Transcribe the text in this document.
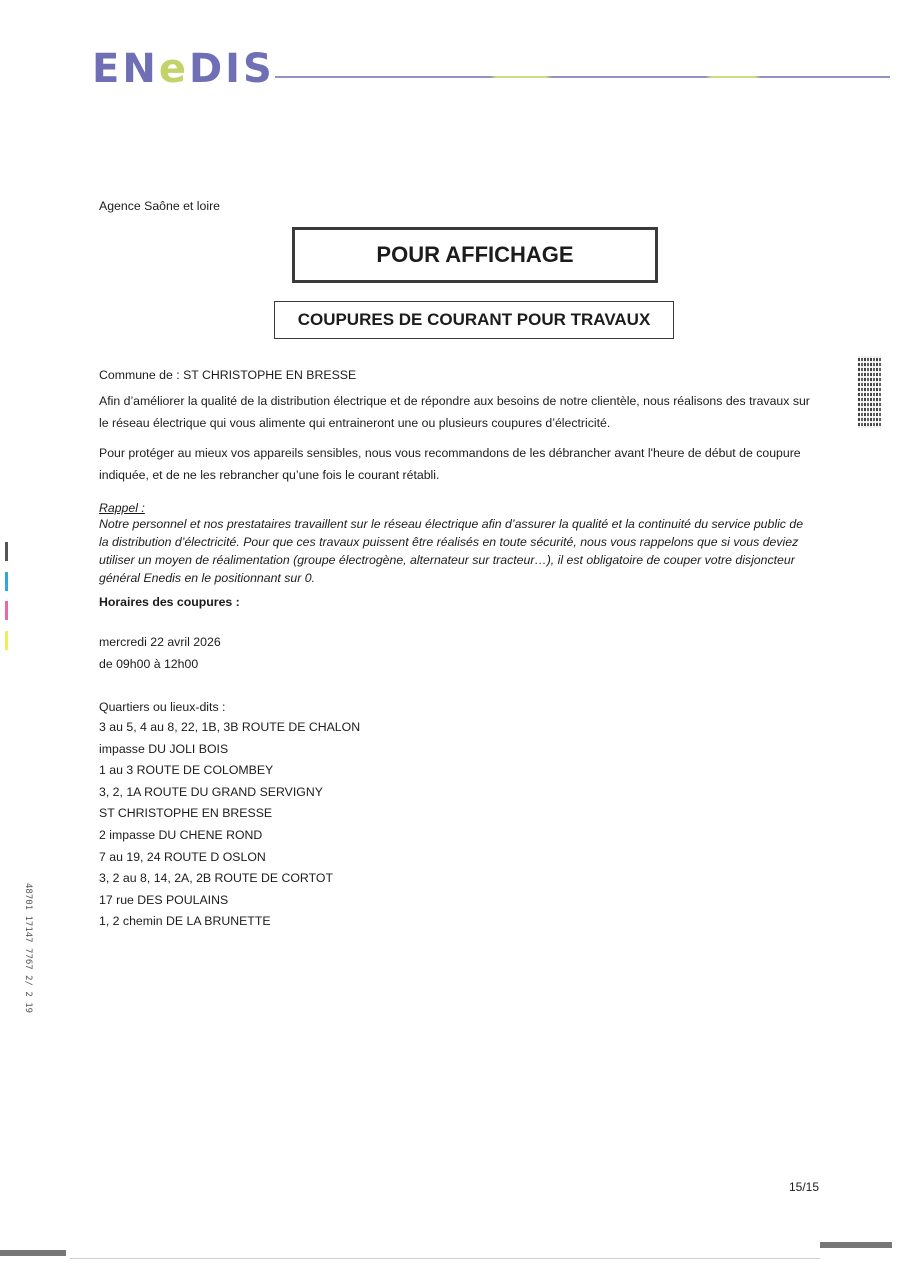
ENeDIS
Agence Saône et loire
POUR AFFICHAGE
COUPURES DE COURANT POUR TRAVAUX
Commune de : ST CHRISTOPHE EN BRESSE
Afin d’améliorer la qualité de la distribution électrique et de répondre aux besoins de notre clientèle, nous réalisons des travaux sur le réseau électrique qui vous alimente qui entraineront une ou plusieurs coupures d’électricité.
Pour protéger au mieux vos appareils sensibles, nous vous recommandons de les débrancher avant l'heure de début de coupure indiquée, et de ne les rebrancher qu’une fois le courant rétabli.
Rappel :
Notre personnel et nos prestataires travaillent sur le réseau électrique afin d’assurer la qualité et la continuité du service public de la distribution d’électricité. Pour que ces travaux puissent être réalisés en toute sécurité, nous vous rappelons que si vous deviez utiliser un moyen de réalimentation (groupe électrogène, alternateur sur tracteur…), il est obligatoire de couper votre disjoncteur général Enedis en le positionnant sur 0.
Horaires des coupures :
mercredi 22 avril 2026
de 09h00 à 12h00
Quartiers ou lieux-dits :
3 au 5, 4 au 8, 22, 1B, 3B ROUTE DE CHALON
impasse DU JOLI BOIS
1 au 3 ROUTE DE COLOMBEY
3, 2, 1A ROUTE DU GRAND SERVIGNY
ST CHRISTOPHE EN BRESSE
2 impasse DU CHENE ROND
7 au 19, 24 ROUTE D OSLON
3, 2 au 8, 14, 2A, 2B ROUTE DE CORTOT
17 rue DES POULAINS
1, 2 chemin DE LA BRUNETTE
15/15
48701 17147 7767 2/ 2 19
